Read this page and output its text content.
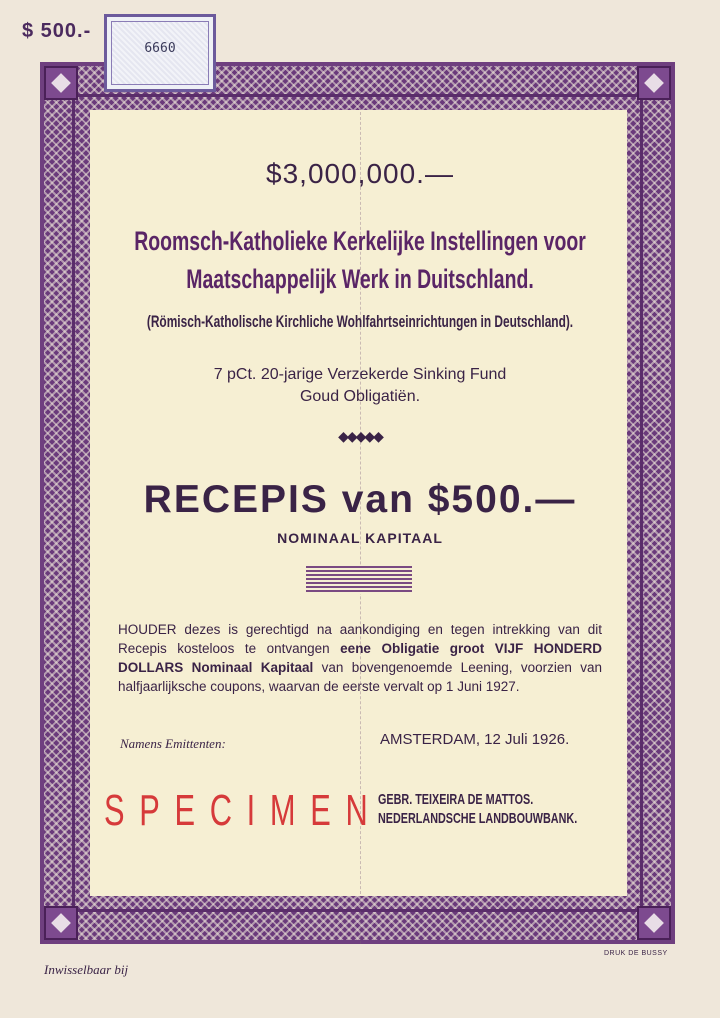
$ 500.-
6660
$3,000,000.—
Roomsch-Katholieke Kerkelijke Instellingen voor
Maatschappelijk Werk in Duitschland.
(Römisch-Katholische Kirchliche Wohlfahrtseinrichtungen in Deutschland).
7 pCt. 20-jarige Verzekerde Sinking Fund
Goud Obligatiën.
◆◆◆◆◆
RECEPIS van $500.—
NOMINAAL KAPITAAL
HOUDER dezes is gerechtigd na aankondiging en tegen intrekking van dit Recepis kosteloos te ontvangen eene Obligatie groot VIJF HONDERD DOLLARS Nominaal Kapitaal van bovengenoemde Leening, voorzien van halfjaarlijksche coupons, waarvan de eerste vervalt op 1 Juni 1927.
Namens Emittenten:	AMSTERDAM, 12 Juli 1926.
SPECIMEN
GEBR. TEIXEIRA DE MATTOS.
NEDERLANDSCHE LANDBOUWBANK.
DRUK DE BUSSY
Inwisselbaar bij
